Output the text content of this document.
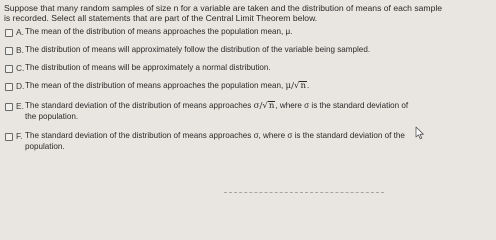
Suppose that many random samples of size n for a variable are taken and the distribution of means of each sample
is recorded. Select all statements that are part of the Central Limit Theorem below.
A. The mean of the distribution of means approaches the population mean, μ.
B. The distribution of means will approximately follow the distribution of the variable being sampled.
C. The distribution of means will be approximately a normal distribution.
D. The mean of the distribution of means approaches the population mean, μ/√n.
E. The standard deviation of the distribution of means approaches σ/√n, where σ is the standard deviation of
the population.
F. The standard deviation of the distribution of means approaches σ, where σ is the standard deviation of the
population.
